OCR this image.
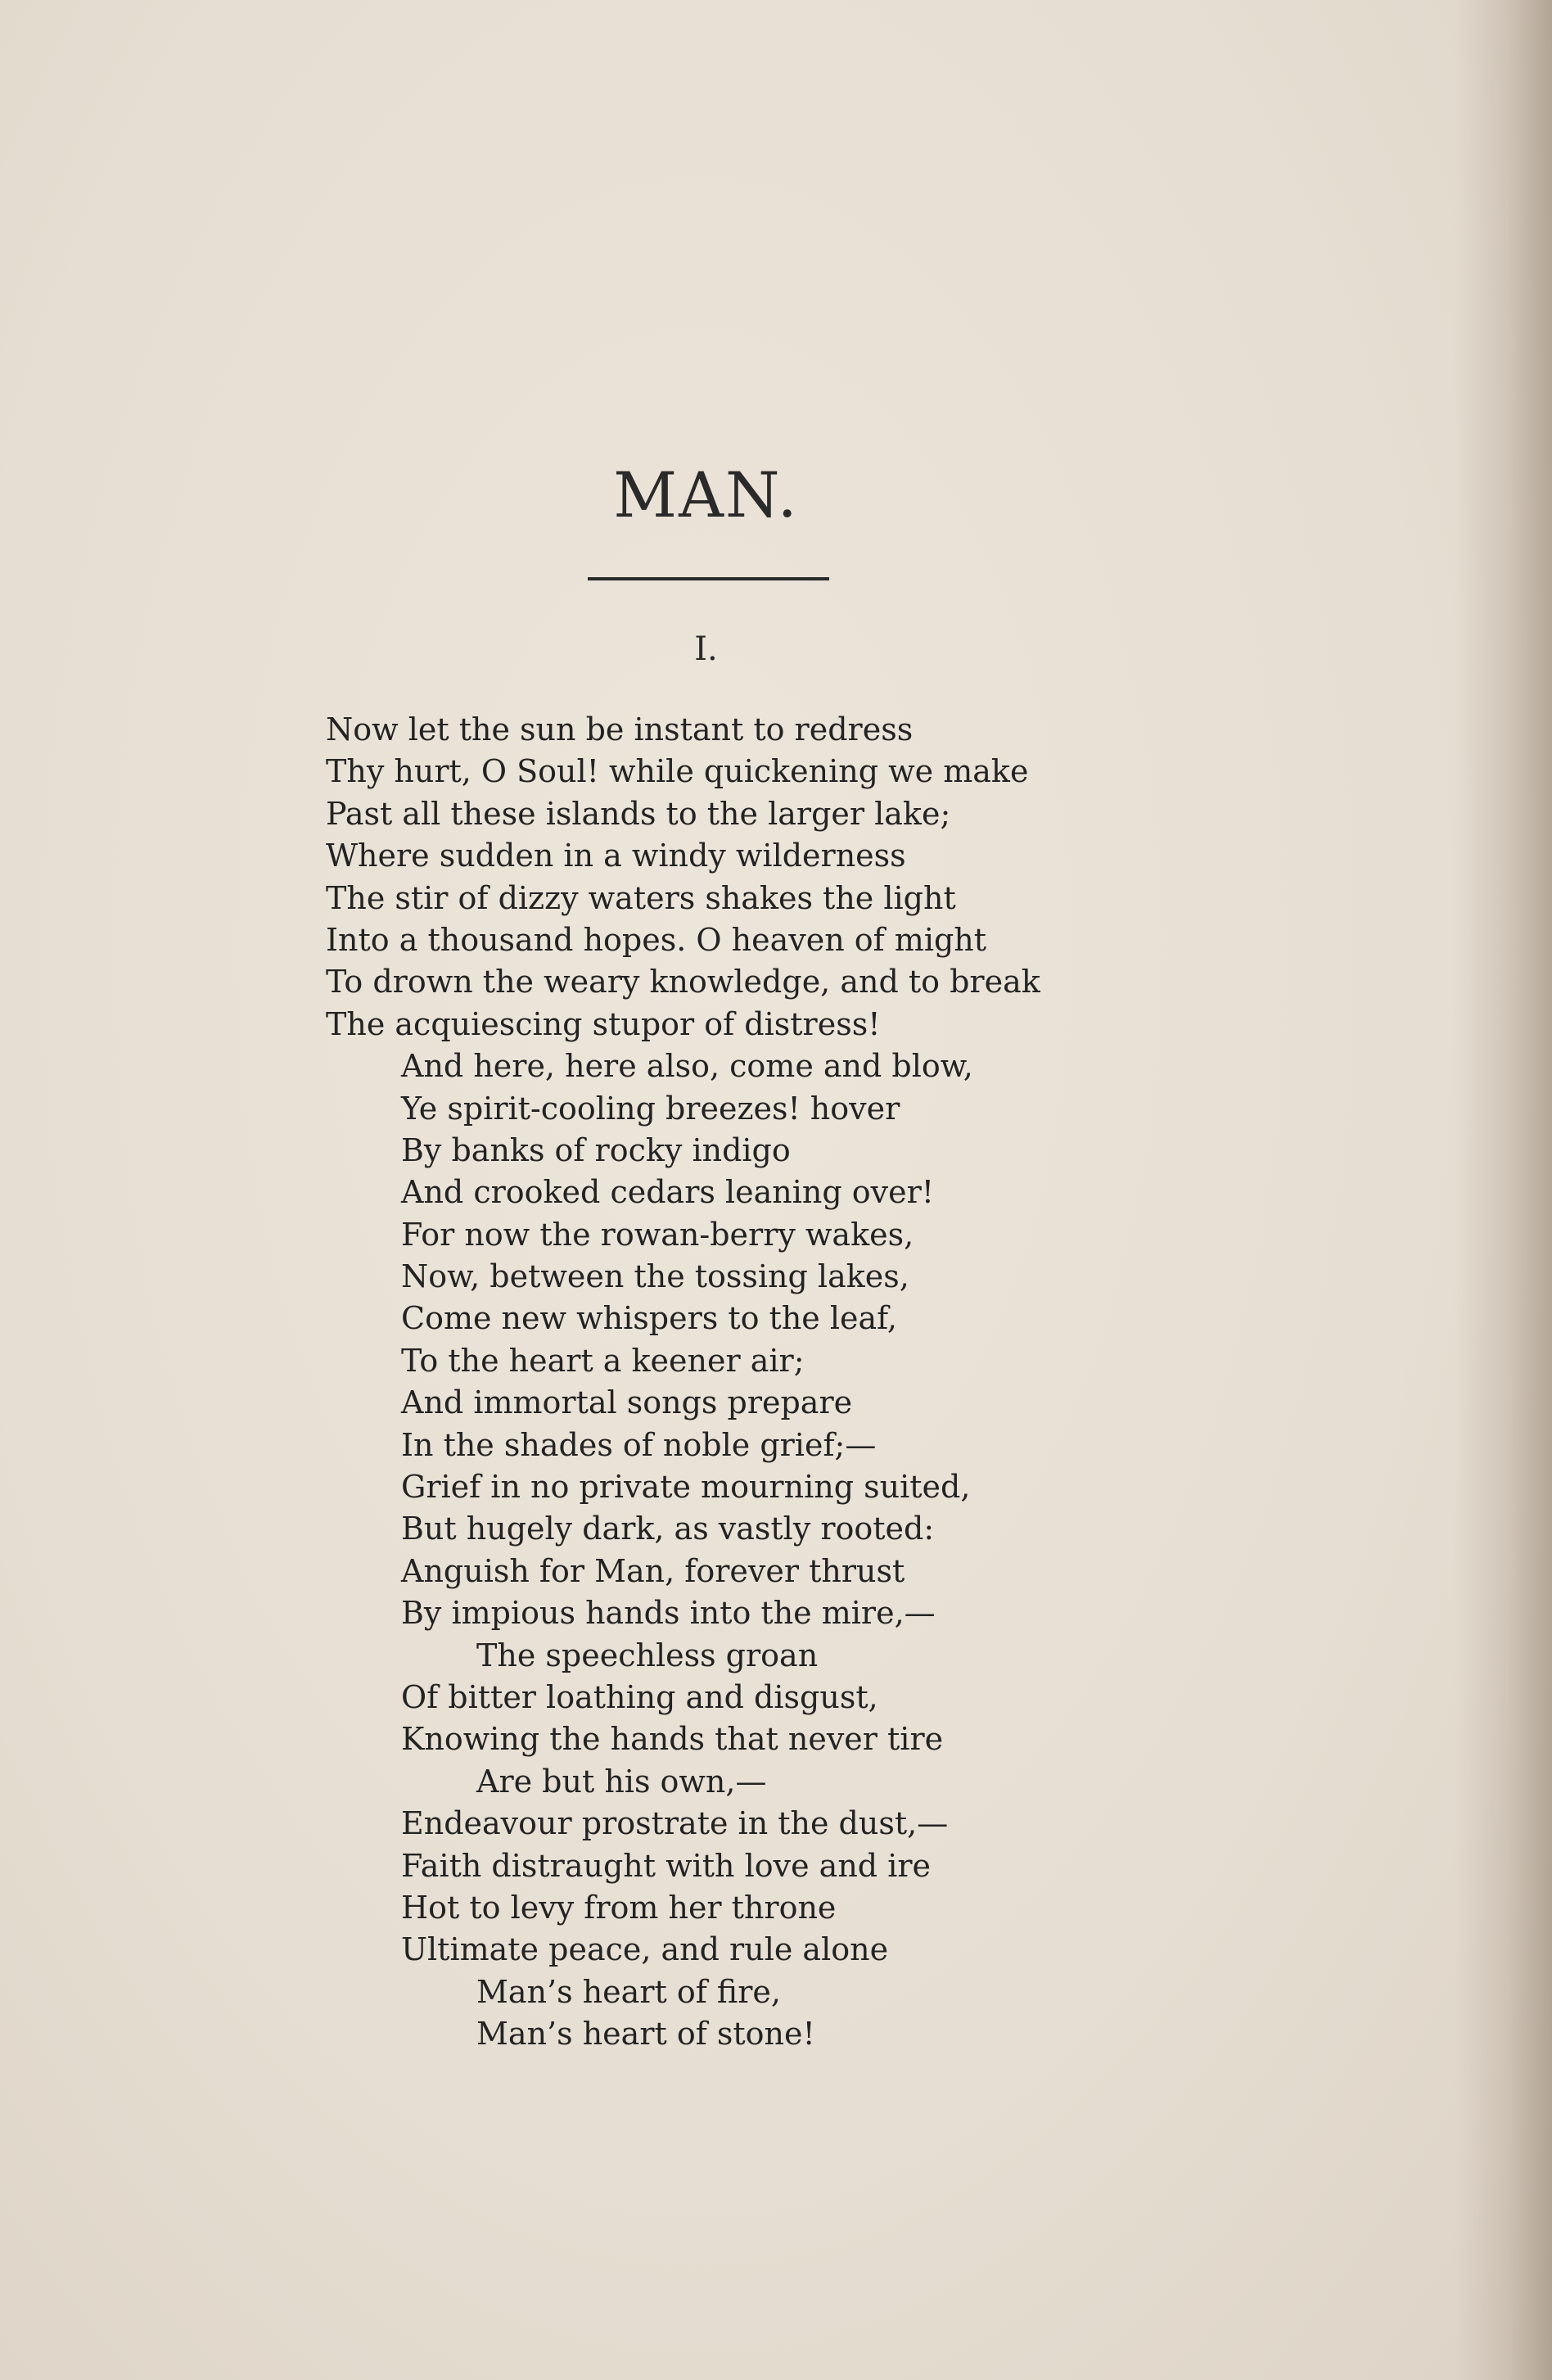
MAN.
I.
Now let the sun be instant to redress
Thy hurt, O Soul! while quickening we make
Past all these islands to the larger lake;
Where sudden in a windy wilderness
The stir of dizzy waters shakes the light
Into a thousand hopes. O heaven of might
To drown the weary knowledge, and to break
The acquiescing stupor of distress!
And here, here also, come and blow,
Ye spirit-cooling breezes! hover
By banks of rocky indigo
And crooked cedars leaning over!
For now the rowan-berry wakes,
Now, between the tossing lakes,
Come new whispers to the leaf,
To the heart a keener air;
And immortal songs prepare
In the shades of noble grief;—
Grief in no private mourning suited,
But hugely dark, as vastly rooted:
Anguish for Man, forever thrust
By impious hands into the mire,—
The speechless groan
Of bitter loathing and disgust,
Knowing the hands that never tire
Are but his own,—
Endeavour prostrate in the dust,—
Faith distraught with love and ire
Hot to levy from her throne
Ultimate peace, and rule alone
Man’s heart of fire,
Man’s heart of stone!
